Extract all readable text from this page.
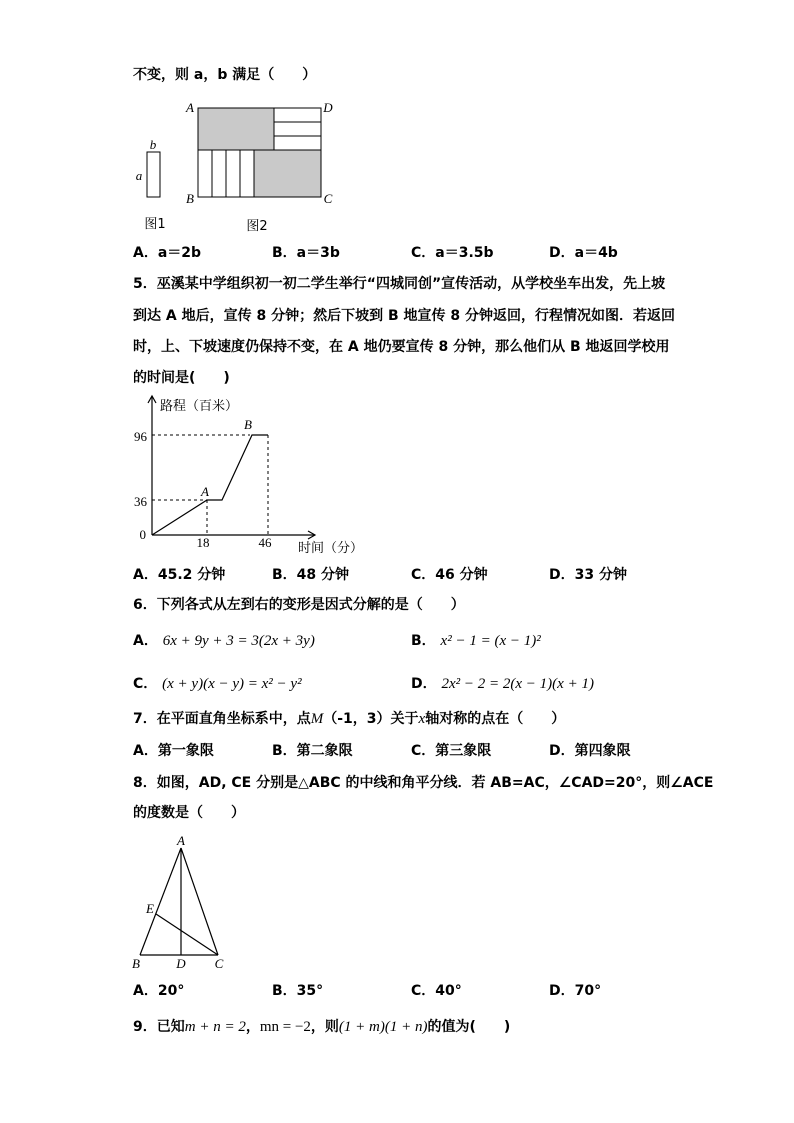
不变，则 a，b 满足（　　）
b
a
图1
A	D
B	C
图2
A．a＝2b	B．a＝3b	C．a＝3.5b	D．a＝4b
5．巫溪某中学组织初一初二学生举行“四城同创”宣传活动，从学校坐车出发，先上坡
到达 A 地后，宣传 8 分钟；然后下坡到 B 地宣传 8 分钟返回，行程情况如图．若返回
时，上、下坡速度仍保持不变，在 A 地仍要宣传 8 分钟，那么他们从 B 地返回学校用
的时间是(　　)
路程（百米）
96
36
0
18	46 时间（分）
A
B
A．45.2 分钟	B．48 分钟	C．46 分钟	D．33 分钟
6．下列各式从左到右的变形是因式分解的是（　　）
A． 6x + 9y + 3 = 3(2x + 3y)	B． x² − 1 = (x − 1)²
C． (x + y)(x − y) = x² − y²	D． 2x² − 2 = 2(x − 1)(x + 1)
7．在平面直角坐标系中，点M（-1，3）关于x轴对称的点在（　　）
A．第一象限	B．第二象限	C．第三象限	D．第四象限
8．如图，AD, CE 分别是△ABC 的中线和角平分线．若 AB=AC，∠CAD=20°，则∠ACE
的度数是（　　）
A
B	C
D
E
A．20°	B．35°	C．40°	D．70°
9．已知m + n = 2，mn = −2，则(1 + m)(1 + n)的值为(　　)
